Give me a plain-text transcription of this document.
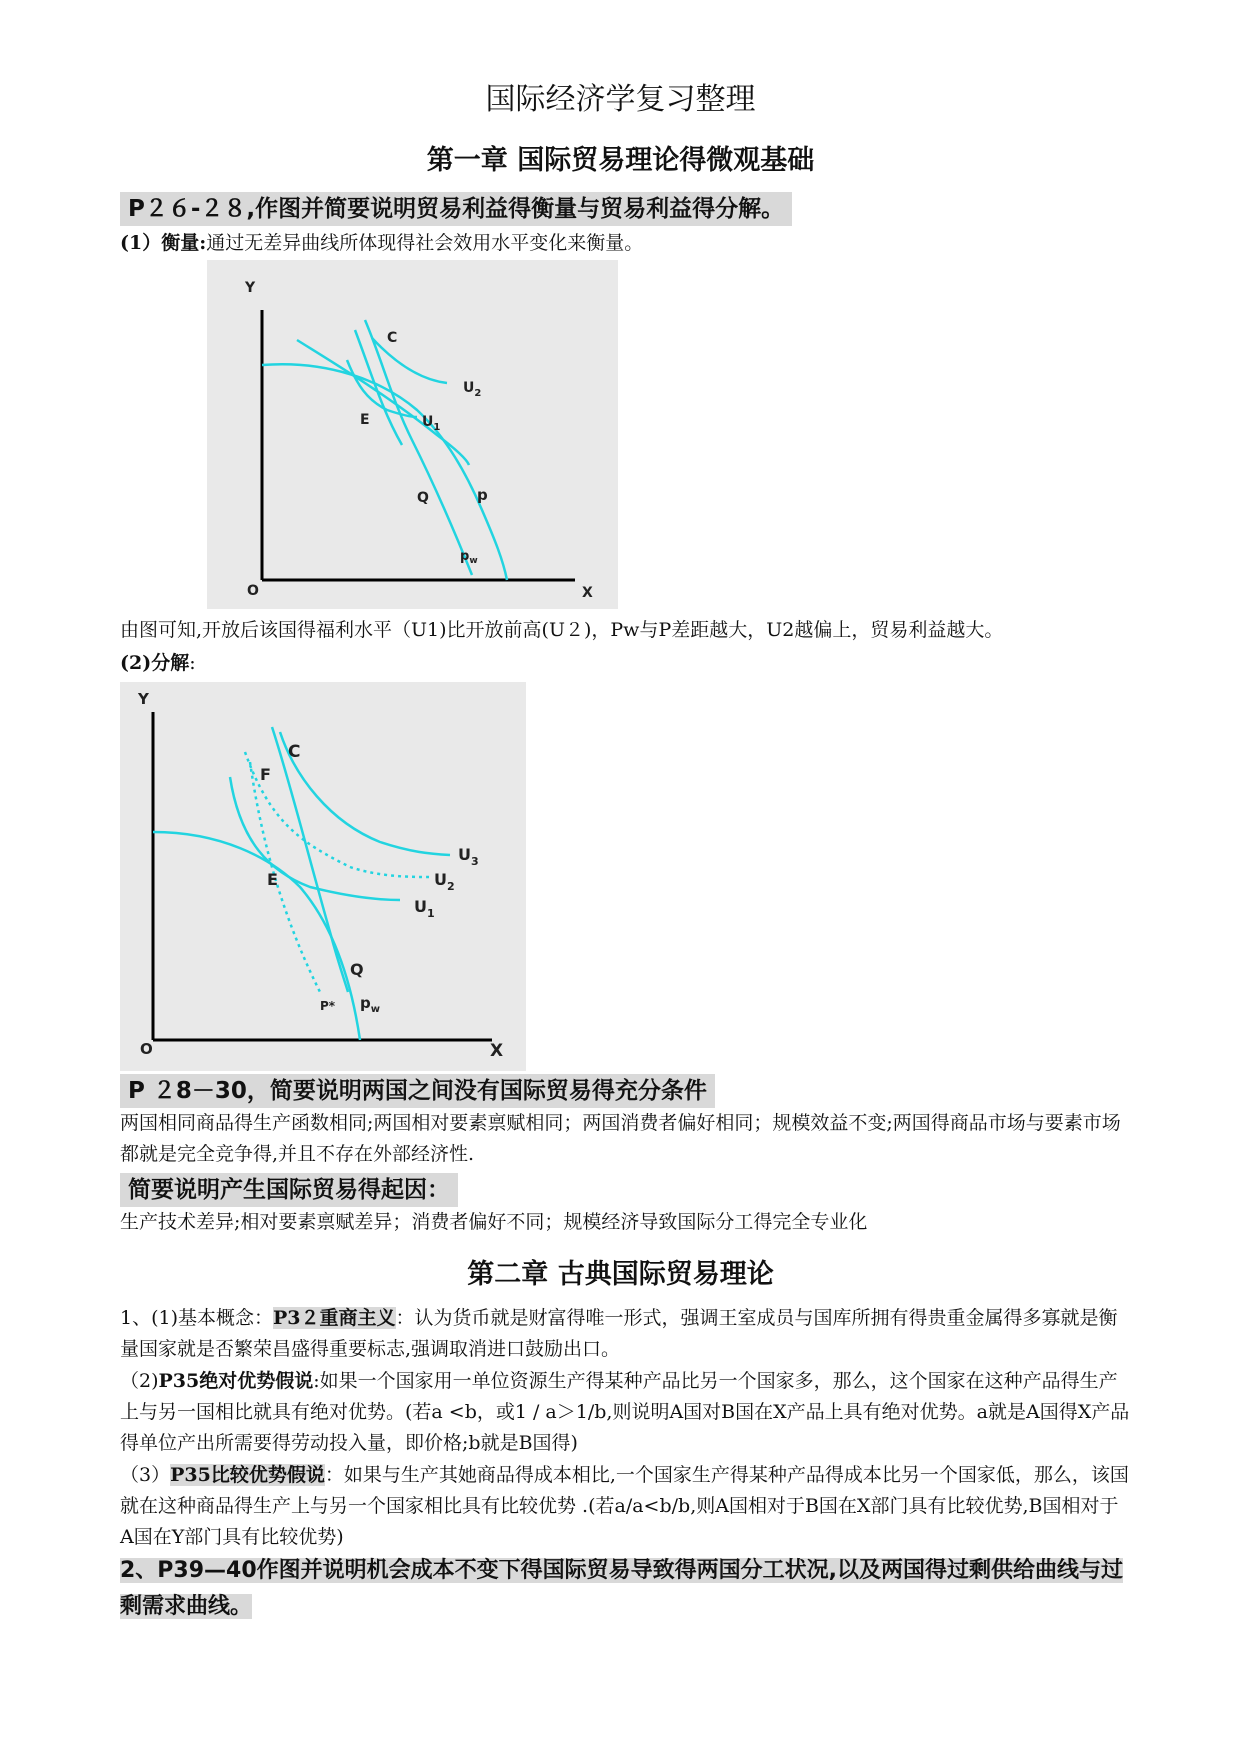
国际经济学复习整理
第一章 国际贸易理论得微观基础
P２６-２８,作图并简要说明贸易利益得衡量与贸易利益得分解。
(1）衡量:通过无差异曲线所体现得社会效用水平变化来衡量。
Y
O	X
C
$U_2$
E	$U_1$
Q	p
$p_w$
由图可知,开放后该国得福利水平（U1)比开放前高(U２)，Pw与P差距越大，U2越偏上，贸易利益越大。
(2)分解:
Y
O	X
C
F
E
Q
$U_3$
$U_2$
$U_1$
P* $p_w$
P ２8－30，简要说明两国之间没有国际贸易得充分条件
两国相同商品得生产函数相同;两国相对要素禀赋相同；两国消费者偏好相同；规模效益不变;两国得商品市场与要素市场都就是完全竞争得,并且不存在外部经济性.
简要说明产生国际贸易得起因：
生产技术差异;相对要素禀赋差异；消费者偏好不同；规模经济导致国际分工得完全专业化
第二章 古典国际贸易理论
1、(1)基本概念：P3２重商主义：认为货币就是财富得唯一形式，强调王室成员与国库所拥有得贵重金属得多寡就是衡量国家就是否繁荣昌盛得重要标志,强调取消进口鼓励出口。
（2)P35绝对优势假说:如果一个国家用一单位资源生产得某种产品比另一个国家多，那么，这个国家在这种产品得生产上与另一国相比就具有绝对优势。(若a <b，或1 / a＞1/b,则说明A国对B国在X产品上具有绝对优势。a就是A国得X产品得单位产出所需要得劳动投入量，即价格;b就是B国得)
（3）P35比较优势假说：如果与生产其她商品得成本相比,一个国家生产得某种产品得成本比另一个国家低，那么，该国就在这种商品得生产上与另一个国家相比具有比较优势 .(若a/a<b/b,则A国相对于B国在X部门具有比较优势,B国相对于A国在Y部门具有比较优势)
2、P39—40作图并说明机会成本不变下得国际贸易导致得两国分工状况,以及两国得过剩供给曲线与过剩需求曲线。
